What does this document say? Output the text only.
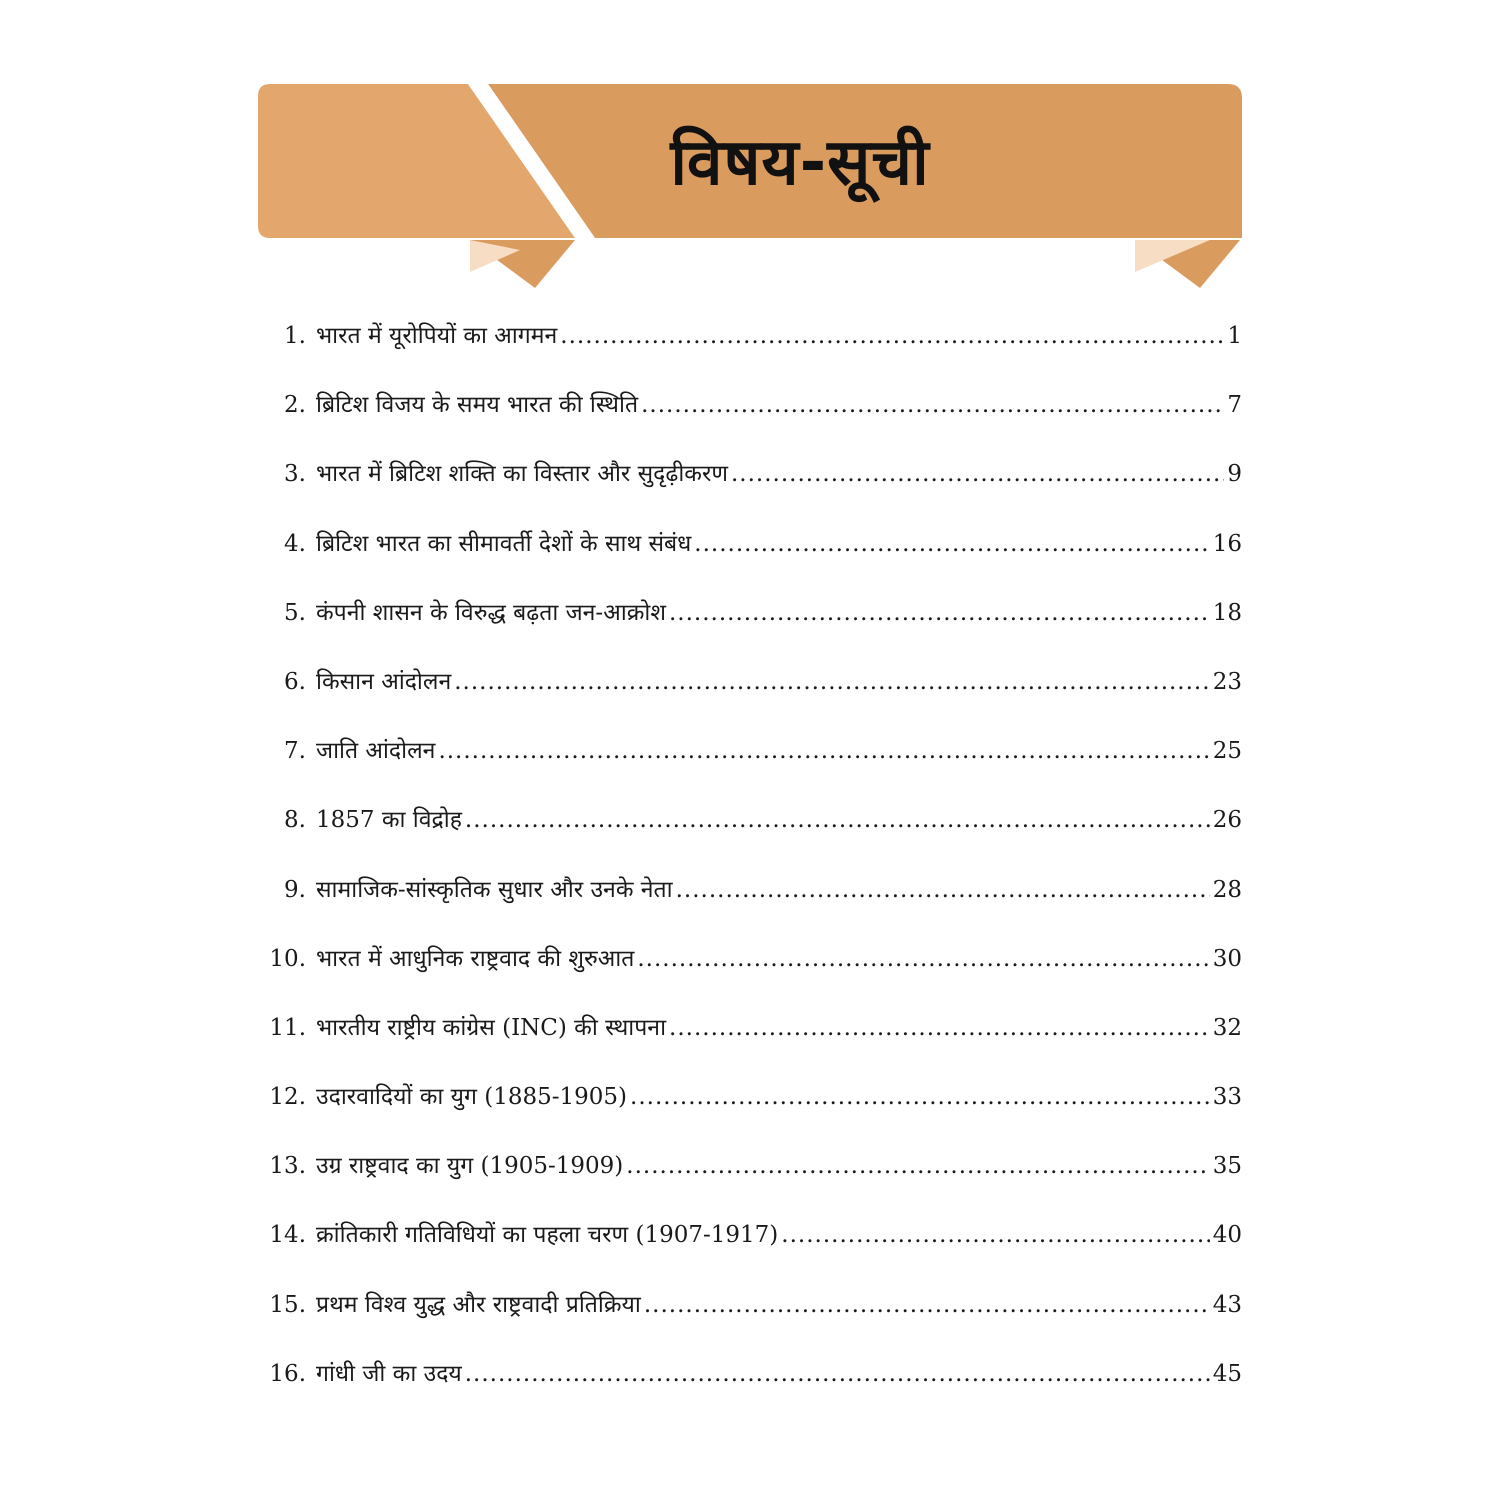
विषय-सूची
1. भारत में यूरोपियों का आगमन .....	1
2. ब्रिटिश विजय के समय भारत की स्थिति .....	7
3. भारत में ब्रिटिश शक्ति का विस्तार और सुदृढ़ीकरण .....	9
4. ब्रिटिश भारत का सीमावर्ती देशों के साथ संबंध .....	16
5. कंपनी शासन के विरुद्ध बढ़ता जन-आक्रोश .....	18
6. किसान आंदोलन .....	23
7. जाति आंदोलन .....	25
8. 1857 का विद्रोह .....	26
9. सामाजिक-सांस्कृतिक सुधार और उनके नेता .....	28
10. भारत में आधुनिक राष्ट्रवाद की शुरुआत .....	30
11. भारतीय राष्ट्रीय कांग्रेस (INC) की स्थापना .....	32
12. उदारवादियों का युग (1885-1905) .....	33
13. उग्र राष्ट्रवाद का युग (1905-1909) .....	35
14. क्रांतिकारी गतिविधियों का पहला चरण (1907-1917) .....	40
15. प्रथम विश्व युद्ध और राष्ट्रवादी प्रतिक्रिया .....	43
16. गांधी जी का उदय .....	45
